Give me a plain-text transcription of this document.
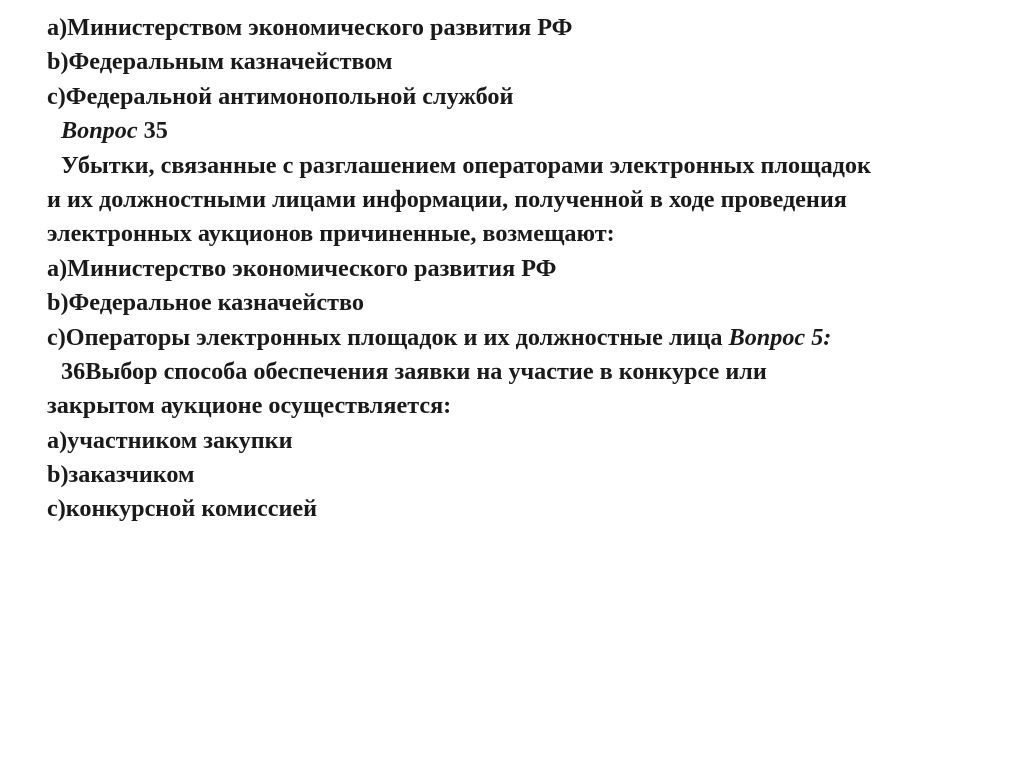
a)Министерством экономического развития РФ
b)Федеральным казначейством
c)Федеральной антимонопольной службой
Вопрос 35
Убытки, связанные с разглашением операторами электронных площадок
и их должностными лицами информации, полученной в ходе проведения
электронных аукционов причиненные, возмещают:
a)Министерство экономического развития РФ
b)Федеральное казначейство
c)Операторы электронных площадок и их должностные лица Вопрос 5:
36Выбор способа обеспечения заявки на участие в конкурсе или
закрытом аукционе осуществляется:
a)участником закупки
b)заказчиком
c)конкурсной комиссией
